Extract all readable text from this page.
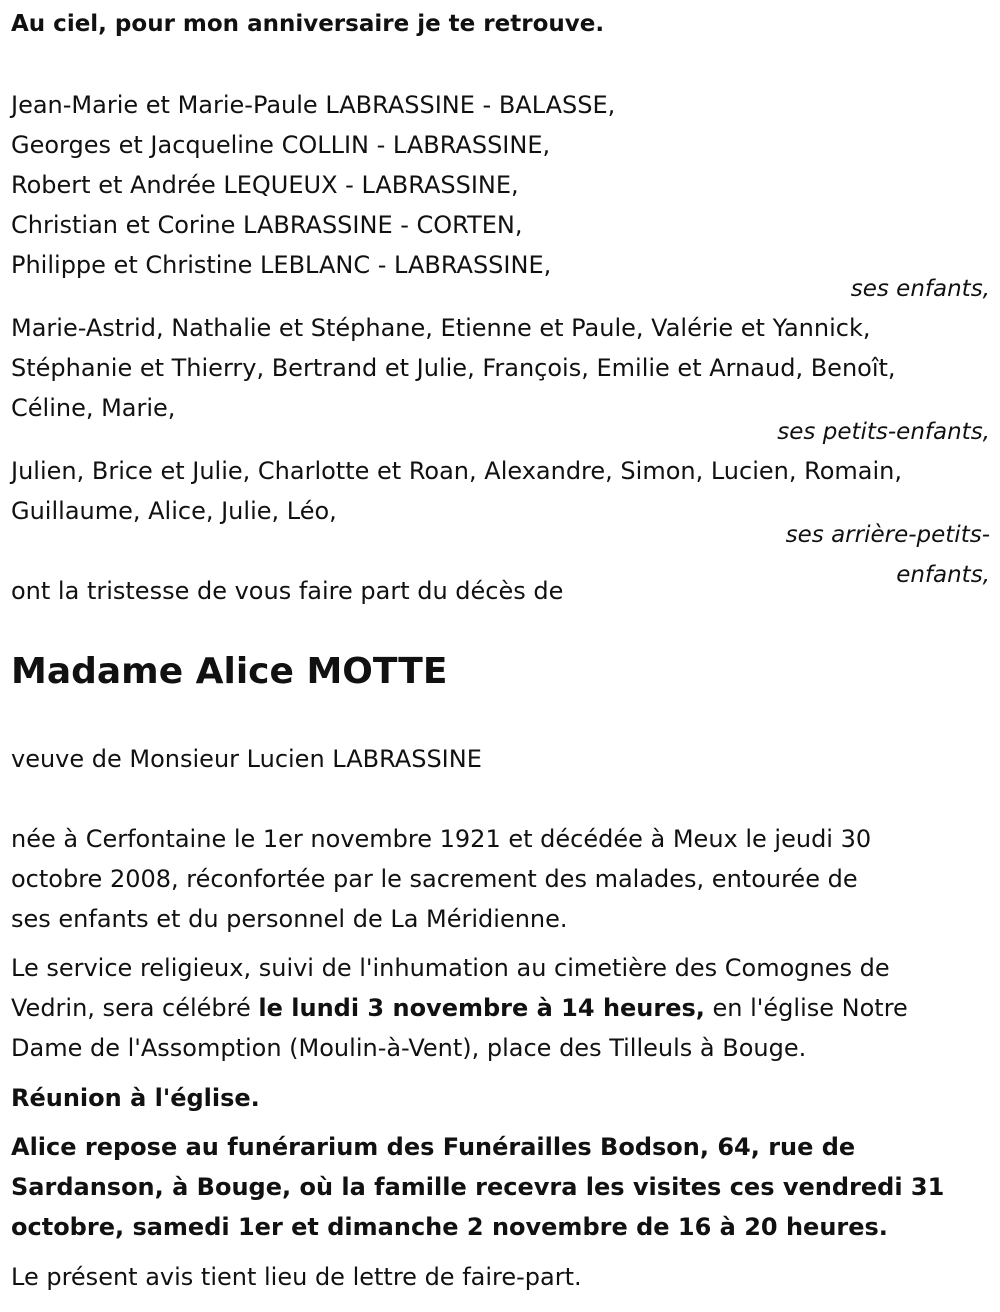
Au ciel, pour mon anniversaire je te retrouve.
Jean-Marie et Marie-Paule LABRASSINE - BALASSE,
Georges et Jacqueline COLLIN - LABRASSINE,
Robert et Andrée LEQUEUX - LABRASSINE,
Christian et Corine LABRASSINE - CORTEN,
Philippe et Christine LEBLANC - LABRASSINE,
ses enfants,
Marie-Astrid, Nathalie et Stéphane, Etienne et Paule, Valérie et Yannick,
Stéphanie et Thierry, Bertrand et Julie, François, Emilie et Arnaud, Benoît,
Céline, Marie,
ses petits-enfants,
Julien, Brice et Julie, Charlotte et Roan, Alexandre, Simon, Lucien, Romain,
Guillaume, Alice, Julie, Léo,
ses arrière-petits-
enfants,
ont la tristesse de vous faire part du décès de
Madame Alice MOTTE
veuve de Monsieur Lucien LABRASSINE
née à Cerfontaine le 1er novembre 1921 et décédée à Meux le jeudi 30
octobre 2008, réconfortée par le sacrement des malades, entourée de
ses enfants et du personnel de La Méridienne.
Le service religieux, suivi de l'inhumation au cimetière des Comognes de
Vedrin, sera célébré le lundi 3 novembre à 14 heures, en l'église Notre
Dame de l'Assomption (Moulin-à-Vent), place des Tilleuls à Bouge.
Réunion à l'église.
Alice repose au funérarium des Funérailles Bodson, 64, rue de
Sardanson, à Bouge, où la famille recevra les visites ces vendredi 31
octobre, samedi 1er et dimanche 2 novembre de 16 à 20 heures.
Le présent avis tient lieu de lettre de faire-part.
